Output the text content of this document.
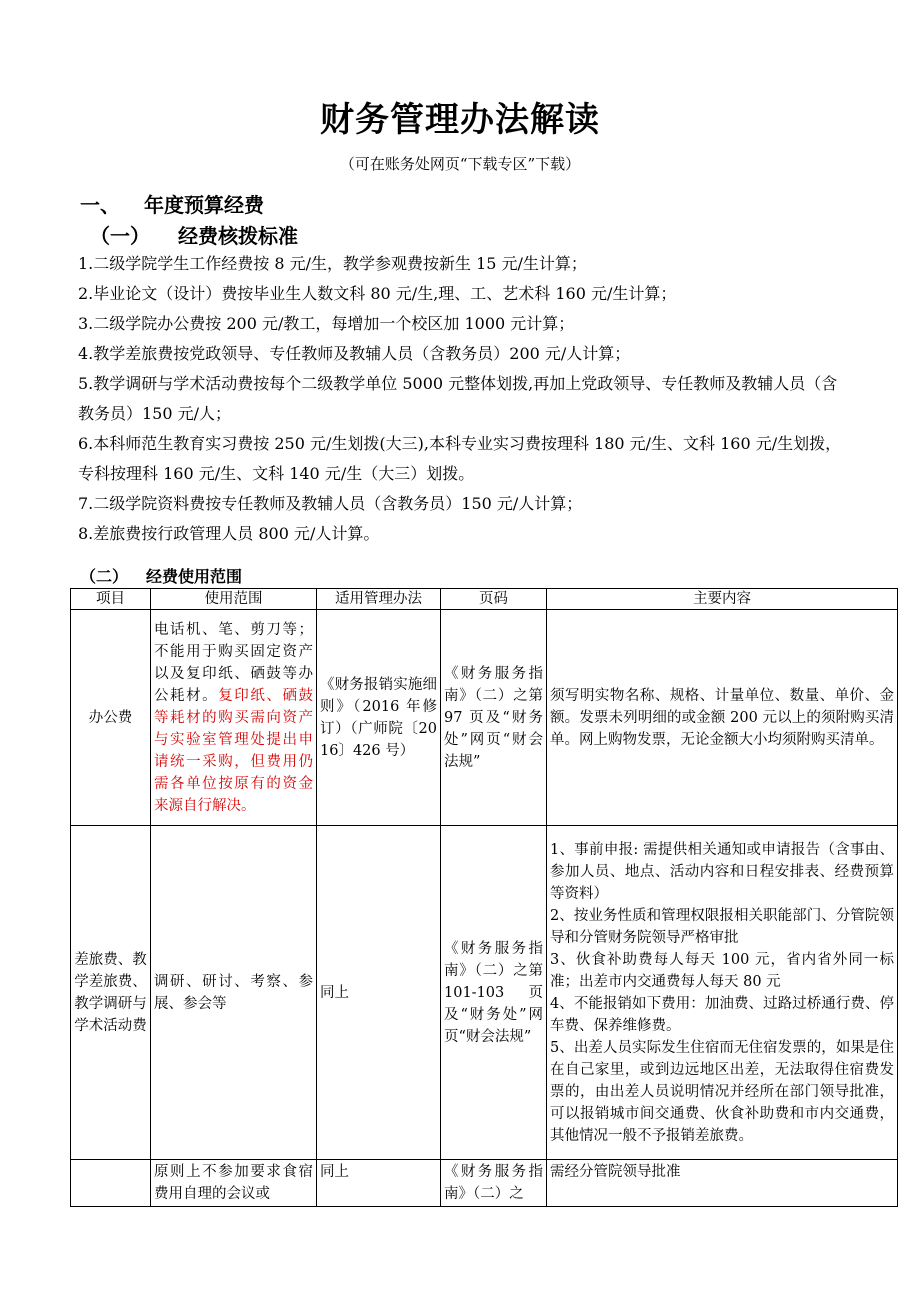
财务管理办法解读
（可在账务处网页“下载专区”下载）
一、 年度预算经费
（一） 经费核拨标准
1.二级学院学生工作经费按 8 元/生，教学参观费按新生 15 元/生计算；
2.毕业论文（设计）费按毕业生人数文科 80 元/生,理、工、艺术科 160 元/生计算；
3.二级学院办公费按 200 元/教工，每增加一个校区加 1000 元计算；
4.教学差旅费按党政领导、专任教师及教辅人员（含教务员）200 元/人计算；
5.教学调研与学术活动费按每个二级教学单位 5000 元整体划拨,再加上党政领导、专任教师及教辅人员（含教务员）150 元/人；
6.本科师范生教育实习费按 250 元/生划拨(大三),本科专业实习费按理科 180 元/生、文科 160 元/生划拨，专科按理科 160 元/生、文科 140 元/生（大三）划拨。
7.二级学院资料费按专任教师及教辅人员（含教务员）150 元/人计算；
8.差旅费按行政管理人员 800 元/人计算。
（二） 经费使用范围
项目	使用范围	适用管理办法	页码	主要内容
办公费	电话机、笔、剪刀等；不能用于购买固定资产以及复印纸、硒鼓等办公耗材。复印纸、硒鼓等耗材的购买需向资产与实验室管理处提出申请统一采购，但费用仍需各单位按原有的资金来源自行解决。	《财务报销实施细则》（2016 年修订）（广师院〔2016〕426 号）	《财务服务指南》（二）之第 97 页及“财务处”网页“财会法规”	须写明实物名称、规格、计量单位、数量、单价、金额。发票未列明细的或金额 200 元以上的须附购买清单。网上购物发票，无论金额大小均须附购买清单。
差旅费、教学差旅费、教学调研与学术活动费	调研、研讨、考察、参展、参会等	同上	《财务服务指南》（二）之第 101-103 页及“财务处”网页“财会法规”	1、事前申报: 需提供相关通知或申请报告（含事由、参加人员、地点、活动内容和日程安排表、经费预算等资料）
2、按业务性质和管理权限报相关职能部门、分管院领导和分管财务院领导严格审批
3、伙食补助费每人每天 100 元，省内省外同一标准；出差市内交通费每人每天 80 元
4、不能报销如下费用：加油费、过路过桥通行费、停车费、保养维修费。
5、出差人员实际发生住宿而无住宿发票的，如果是住在自己家里，或到边远地区出差，无法取得住宿费发票的，由出差人员说明情况并经所在部门领导批准，可以报销城市间交通费、伙食补助费和市内交通费，其他情况一般不予报销差旅费。

	原则上不参加要求食宿费用自理的会议或	同上	《财务服务指南》（二）之	需经分管院领导批准
